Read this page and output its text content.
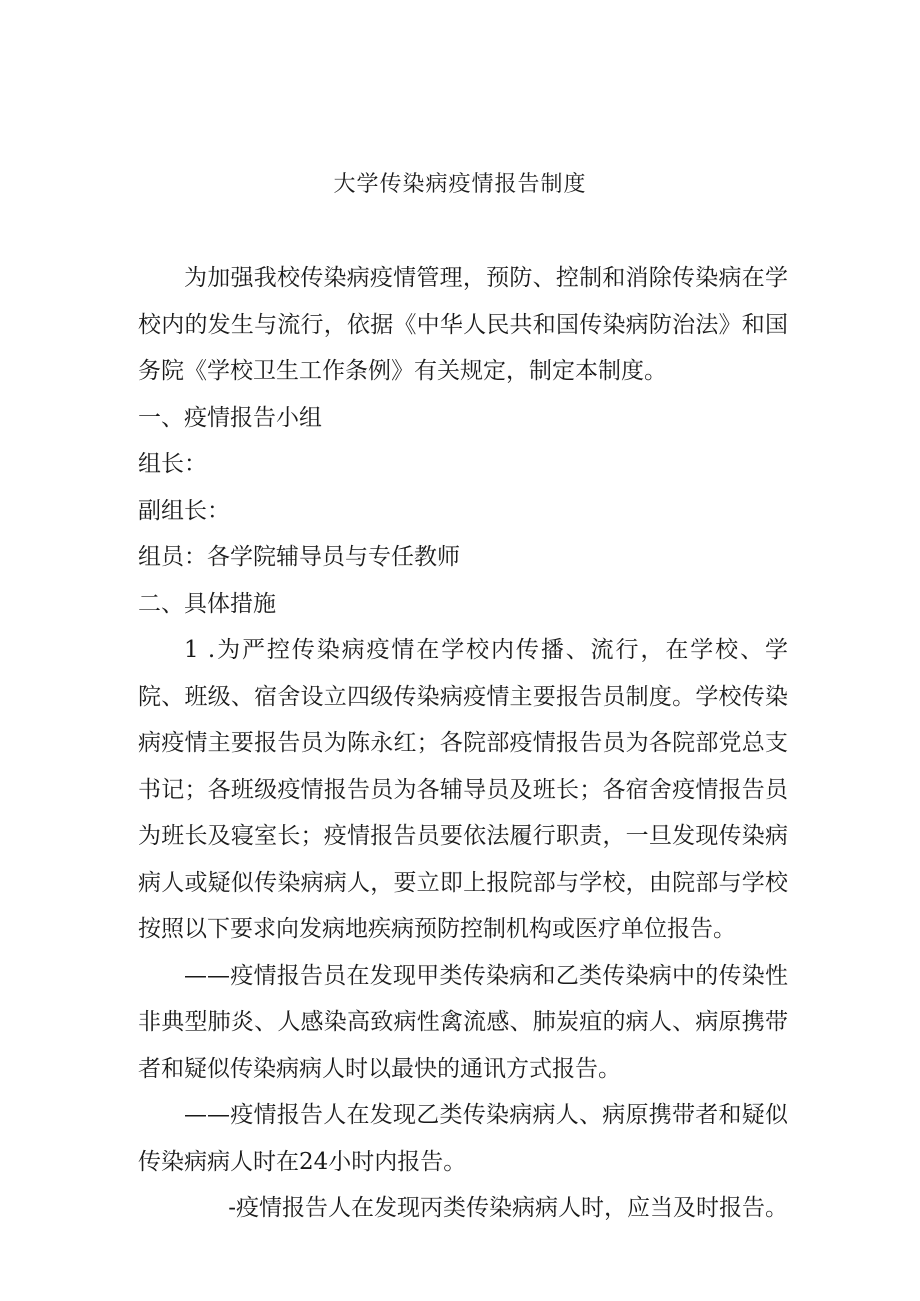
大学传染病疫情报告制度

为加强我校传染病疫情管理，预防、控制和消除传染病在学校内的发生与流行，依据《中华人民共和国传染病防治法》和国务院《学校卫生工作条例》有关规定，制定本制度。

一、疫情报告小组

组长：

副组长：

组员：各学院辅导员与专任教师

二、具体措施

1 .为严控传染病疫情在学校内传播、流行，在学校、学院、班级、宿舍设立四级传染病疫情主要报告员制度。学校传染病疫情主要报告员为陈永红；各院部疫情报告员为各院部党总支书记；各班级疫情报告员为各辅导员及班长；各宿舍疫情报告员为班长及寝室长；疫情报告员要依法履行职责，一旦发现传染病病人或疑似传染病病人，要立即上报院部与学校，由院部与学校按照以下要求向发病地疾病预防控制机构或医疗单位报告。

——疫情报告员在发现甲类传染病和乙类传染病中的传染性非典型肺炎、人感染高致病性禽流感、肺炭疽的病人、病原携带者和疑似传染病病人时以最快的通讯方式报告。

——疫情报告人在发现乙类传染病病人、病原携带者和疑似传染病病人时在24小时内报告。

-疫情报告人在发现丙类传染病病人时，应当及时报告。
